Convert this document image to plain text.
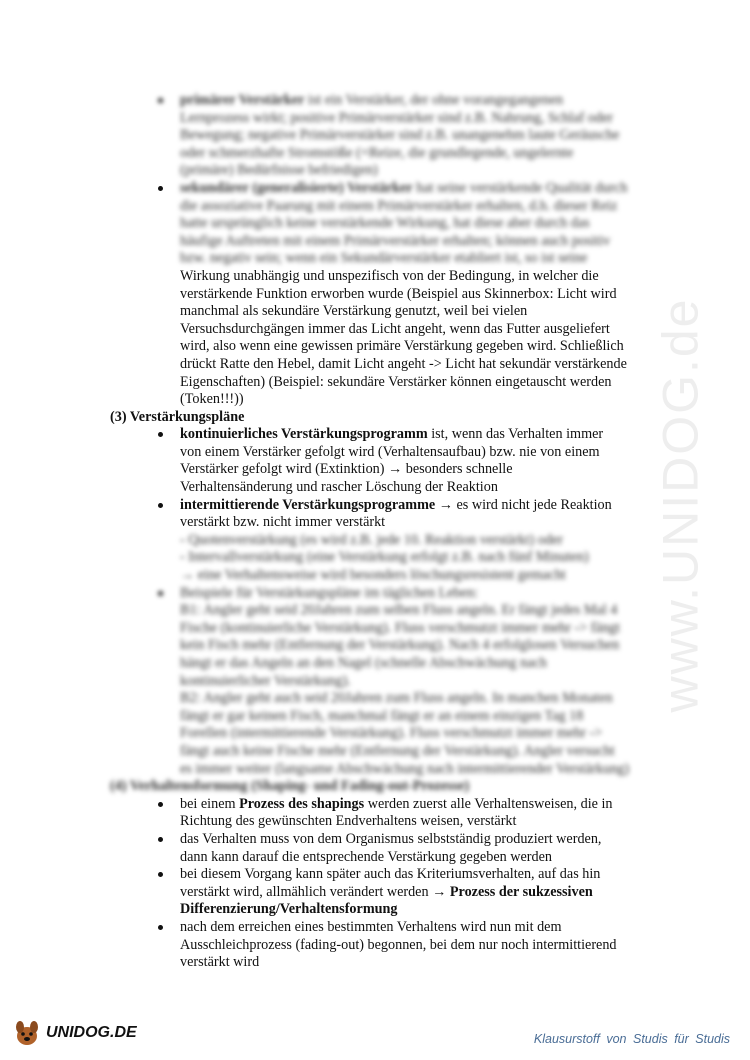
www.UNIDOG.de
primärer Verstärker ist ein Verstärker, der ohne vorangegangenen Lernprozess wirkt; positive Primärverstärker sind z.B. Nahrung, Schlaf oder Bewegung; negative Primärverstärker sind z.B. unangenehm laute Geräusche oder schmerzhafte Stromstöße (=Reize, die grundlegende, ungelernte (primäre) Bedürfnisse befriedigen)
sekundärer (generalisierte) Verstärker hat seine verstärkende Qualität durch die assoziative Paarung mit einem Primärverstärker erhalten, d.h. dieser Reiz hatte ursprünglich keine verstärkende Wirkung, hat diese aber durch das häufige Auftreten mit einem Primärverstärker erhalten; können auch positiv bzw. negativ sein; wenn ein Sekundärverstärker etabliert ist, so ist seine
Wirkung unabhängig und unspezifisch von der Bedingung, in welcher die
verstärkende Funktion erworben wurde (Beispiel aus Skinnerbox: Licht wird
manchmal als sekundäre Verstärkung genutzt, weil bei vielen
Versuchsdurchgängen immer das Licht angeht, wenn das Futter ausgeliefert
wird, also wenn eine gewissen primäre Verstärkung gegeben wird. Schließlich
drückt Ratte den Hebel, damit Licht angeht -> Licht hat sekundär verstärkende
Eigenschaften) (Beispiel: sekundäre Verstärker können eingetauscht werden
(Token!!!))
(3) Verstärkungspläne
kontinuierliches Verstärkungsprogramm ist, wenn das Verhalten immer
von einem Verstärker gefolgt wird (Verhaltensaufbau) bzw. nie von einem
Verstärker gefolgt wird (Extinktion) → besonders schnelle
Verhaltensänderung und rascher Löschung der Reaktion
intermittierende Verstärkungsprogramme → es wird nicht jede Reaktion
verstärkt bzw. nicht immer verstärkt
- Quotenverstärkung (es wird z.B. jede 10. Reaktion verstärkt) oder
- Intervallverstärkung (eine Verstärkung erfolgt z.B. nach fünf Minuten)
→ eine Verhaltensweise wird besonders löschungsresistent gemacht
Beispiele für Verstärkungspläne im täglichen Leben:
B1: Angler geht seid 20Jahren zum selben Fluss angeln. Er fängt jedes Mal 4
Fische (kontinuierliche Verstärkung). Fluss verschmutzt immer mehr -> fängt
kein Fisch mehr (Entfernung der Verstärkung). Nach 4 erfolglosen Versuchen
hängt er das Angeln an den Nagel (schnelle Abschwächung nach
kontinuierlicher Verstärkung).
B2: Angler geht auch seid 20Jahren zum Fluss angeln. In manchen Monaten
fängt er gar keinen Fisch, manchmal fängt er an einem einzigen Tag 18
Forellen (intermittierende Verstärkung). Fluss verschmutzt immer mehr ->
fängt auch keine Fische mehr (Entfernung der Verstärkung). Angler versucht
es immer weiter (langsame Abschwächung nach intermittierender Verstärkung)
(4) Verhaltensformung (Shaping- und Fading-out-Prozesse)
bei einem Prozess des shapings werden zuerst alle Verhaltensweisen, die in
Richtung des gewünschten Endverhaltens weisen, verstärkt
das Verhalten muss von dem Organismus selbstständig produziert werden,
dann kann darauf die entsprechende Verstärkung gegeben werden
bei diesem Vorgang kann später auch das Kriteriumsverhalten, auf das hin
verstärkt wird, allmählich verändert werden → Prozess der sukzessiven
Differenzierung/Verhaltensformung
nach dem erreichen eines bestimmten Verhaltens wird nun mit dem
Ausschleichprozess (fading-out) begonnen, bei dem nur noch intermittierend
verstärkt wird
UNIDOG.DE	Klausurstoff von Studis für Studis
